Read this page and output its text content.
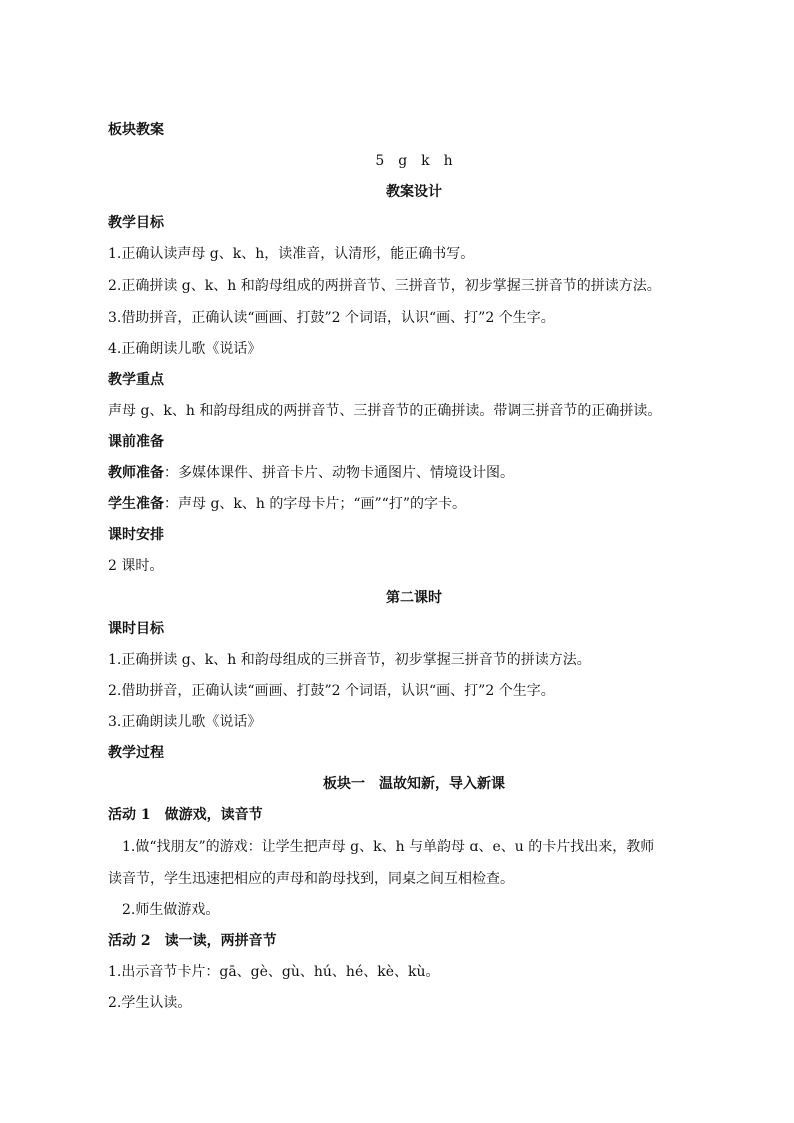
板块教案
5　g　k　h
教案设计
教学目标
1.正确认读声母 g、k、h，读准音，认清形，能正确书写。
2.正确拼读 g、k、h 和韵母组成的两拼音节、三拼音节，初步掌握三拼音节的拼读方法。
3.借助拼音，正确认读“画画、打鼓”2 个词语，认识“画、打”2 个生字。
4.正确朗读儿歌《说话》
教学重点
声母 g、k、h 和韵母组成的两拼音节、三拼音节的正确拼读。带调三拼音节的正确拼读。
课前准备
教师准备：多媒体课件、拼音卡片、动物卡通图片、情境设计图。
学生准备：声母 g、k、h 的字母卡片；“画”“打”的字卡。
课时安排
2 课时。
第二课时
课时目标
1.正确拼读 g、k、h 和韵母组成的三拼音节，初步掌握三拼音节的拼读方法。
2.借助拼音，正确认读“画画、打鼓”2 个词语，认识“画、打”2 个生字。
3.正确朗读儿歌《说话》
教学过程
板块一　温故知新，导入新课
活动 1　做游戏，读音节
1.做“找朋友”的游戏：让学生把声母 g、k、h 与单韵母 ɑ、e、u 的卡片找出来，教师
读音节，学生迅速把相应的声母和韵母找到，同桌之间互相检查。
2.师生做游戏。
活动 2　读一读，两拼音节
1.出示音节卡片：gā、gè、gù、hú、hé、kè、kù。
2.学生认读。
